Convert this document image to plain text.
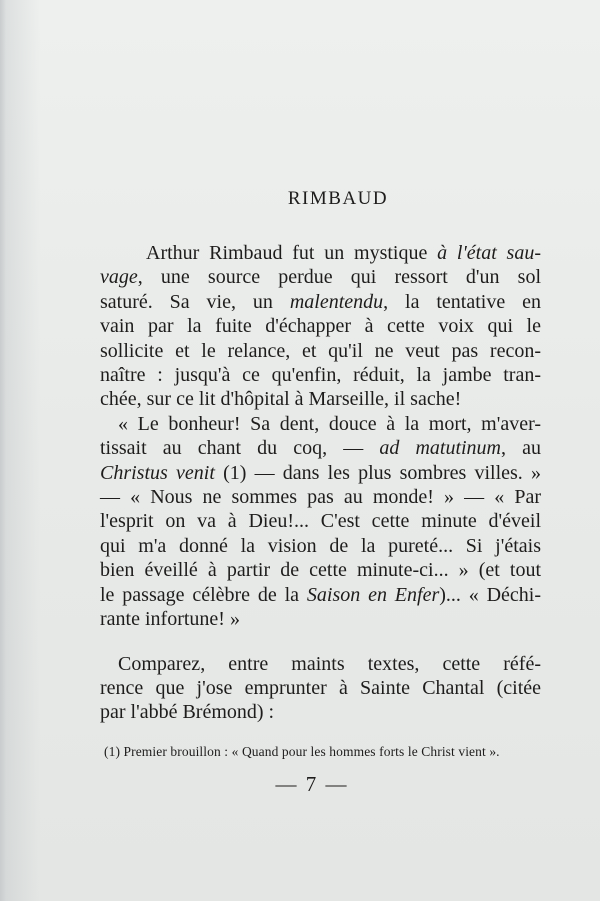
RIMBAUD
Arthur Rimbaud fut un mystique à l'état sau-
vage, une source perdue qui ressort d'un sol
saturé. Sa vie, un malentendu, la tentative en
vain par la fuite d'échapper à cette voix qui le
sollicite et le relance, et qu'il ne veut pas recon-
naître : jusqu'à ce qu'enfin, réduit, la jambe tran-
chée, sur ce lit d'hôpital à Marseille, il sache!
« Le bonheur! Sa dent, douce à la mort, m'aver-
tissait au chant du coq, — ad matutinum, au
Christus venit (1) — dans les plus sombres villes. »
— « Nous ne sommes pas au monde! » — « Par
l'esprit on va à Dieu!... C'est cette minute d'éveil
qui m'a donné la vision de la pureté... Si j'étais
bien éveillé à partir de cette minute-ci... » (et tout
le passage célèbre de la Saison en Enfer)... « Déchi-
rante infortune! »
Comparez, entre maints textes, cette réfé-
rence que j'ose emprunter à Sainte Chantal (citée
par l'abbé Brémond) :
(1) Premier brouillon : « Quand pour les hommes forts le Christ vient ».
— 7 —
